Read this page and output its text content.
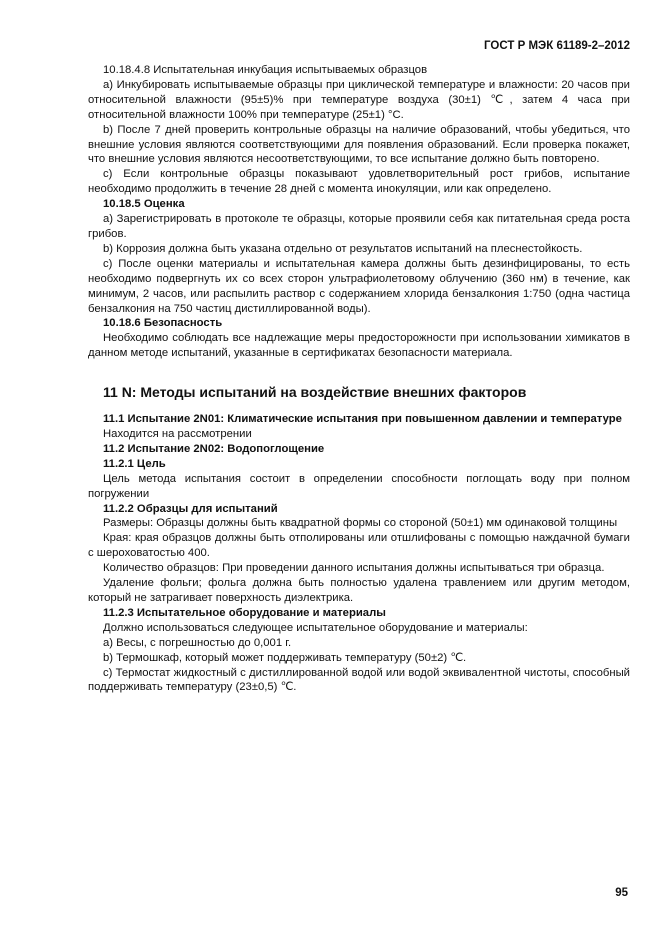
ГОСТ Р МЭК 61189-2–2012

10.18.4.8 Испытательная инкубация испытываемых образцов

а) Инкубировать испытываемые образцы при циклической температуре и влажности: 20 часов при относительной влажности (95±5)% при температуре воздуха (30±1) ℃, затем 4 часа при относительной влажности 100% при температуре (25±1) °С.

b) После 7 дней проверить контрольные образцы на наличие образований, чтобы убедиться, что внешние условия являются соответствующими для появления образований. Если проверка покажет, что внешние условия являются несоответствующими, то все испытание должно быть повторено.

с) Если контрольные образцы показывают удовлетворительный рост грибов, испытание необходимо продолжить в течение 28 дней с момента инокуляции, или как определено.

10.18.5 Оценка

а) Зарегистрировать в протоколе те образцы, которые проявили себя как питательная среда роста грибов.

b) Коррозия должна быть указана отдельно от результатов испытаний на плеснестойкость.

с) После оценки материалы и испытательная камера должны быть дезинфицированы, то есть необходимо подвергнуть их со всех сторон ультрафиолетовому облучению (360 нм) в течение, как минимум, 2 часов, или распылить раствор с содержанием хлорида бензалкония 1:750 (одна частица бензалкония на 750 частиц дистиллированной воды).

10.18.6 Безопасность

Необходимо соблюдать все надлежащие меры предосторожности при использовании химикатов в данном методе испытаний, указанные в сертификатах безопасности материала.

11 N: Методы испытаний на воздействие внешних факторов

11.1 Испытание 2N01: Климатические испытания при повышенном давлении и температуре

Находится на рассмотрении

11.2 Испытание 2N02: Водопоглощение

11.2.1 Цель

Цель метода испытания состоит в определении способности поглощать воду при полном погружении

11.2.2 Образцы для испытаний

Размеры: Образцы должны быть квадратной формы со стороной (50±1) мм одинаковой толщины

Края: края образцов должны быть отполированы или отшлифованы с помощью наждачной бумаги с шероховатостью 400.

Количество образцов: При проведении данного испытания должны испытываться три образца.

Удаление фольги; фольга должна быть полностью удалена травлением или другим методом, который не затрагивает поверхность диэлектрика.

11.2.3 Испытательное оборудование и материалы

Должно использоваться следующее испытательное оборудование и материалы:

а) Весы, с погрешностью до 0,001 г.

b) Термошкаф, который может поддерживать температуру (50±2) ℃.

с) Термостат жидкостный с дистиллированной водой или водой эквивалентной чистоты, способный поддерживать температуру (23±0,5) ℃.

95
